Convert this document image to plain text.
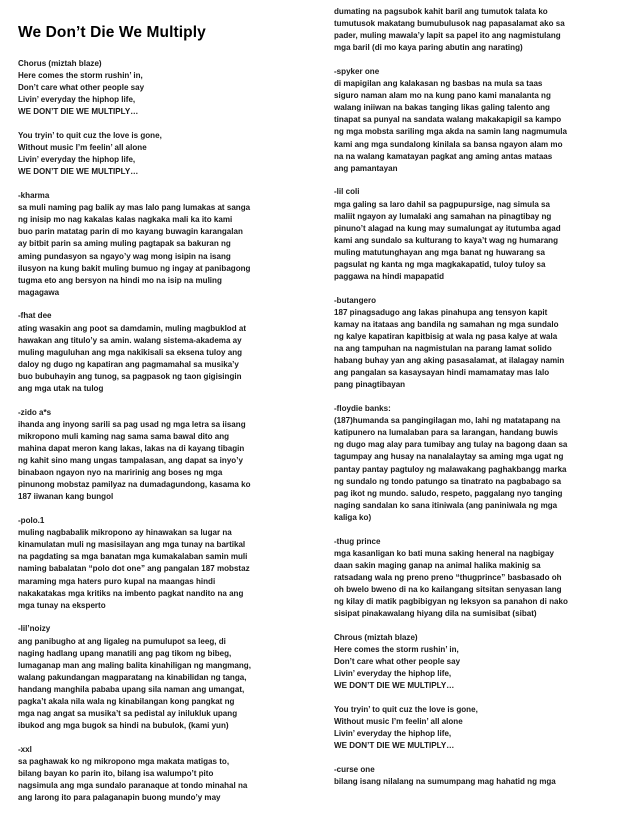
We Don’t Die We Multiply
Chorus (miztah blaze)
Here comes the storm rushin’ in,
Don’t care what other people say
Livin’ everyday the hiphop life,
WE DON’T DIE WE MULTIPLY…
You tryin’ to quit cuz the love is gone,
Without music I’m feelin’ all alone
Livin’ everyday the hiphop life,
WE DON’T DIE WE MULTIPLY…
-kharma
sa muli naming pag balik ay mas lalo pang lumakas at sanga
ng inisip mo nag kakalas kalas nagkaka mali ka ito kami
buo parin matatag parin di mo kayang buwagin karangalan
ay bitbit parin sa aming muling pagtapak sa bakuran ng
aming pundasyon sa ngayo’y wag mong isipin na isang
ilusyon na kung bakit muling bumuo ng ingay at panibagong
tugma eto ang bersyon na hindi mo na isip na muling
magagawa
-fhat dee
ating wasakin ang poot sa damdamin, muling magbuklod at
hawakan ang titulo’y sa amin. walang sistema-akadema ay
muling maguluhan ang mga nakikisali sa eksena tuloy ang
daloy ng dugo ng kapatiran ang pagmamahal sa musika’y
buo bubuhayin ang tunog, sa pagpasok ng taon gigisingin
ang mga utak na tulog
-zido a*s
ihanda ang inyong sarili sa pag usad ng mga letra sa iisang
mikropono muli kaming nag sama sama bawal dito ang
mahina dapat meron kang lakas, lakas na di kayang tibagin
ng kahit sino mang ungas tampalasan, ang dapat sa inyo’y
binabaon ngayon nyo na maririnig ang boses ng mga
pinunong mobstaz pamilyaz na dumadagundong, kasama ko
187 iiwanan kang bungol
-polo.1
muling nagbabalik mikropono ay hinawakan sa lugar na
kinamulatan muli ng masisilayan ang mga tunay na bartikal
na pagdating sa mga banatan mga kumakalaban samin muli
naming babalatan “polo dot one” ang pangalan 187 mobstaz
maraming mga haters puro kupal na maangas hindi
nakakatakas mga kritiks na imbento pagkat nandito na ang
mga tunay na eksperto
-lil’noizy
ang panibugho at ang ligaleg na pumulupot sa leeg, di
naging hadlang upang manatili ang pag tikom ng bibeg,
lumaganap man ang maling balita kinahiligan ng mangmang,
walang pakundangan magparatang na kinabilidan ng tanga,
handang manghila pababa upang sila naman ang umangat,
pagka’t akala nila wala ng kinabilangan kong pangkat ng
mga nag angat sa musika’t sa pedistal ay inilukluk upang
ibukod ang mga bugok sa hindi na bubulok, (kami yun)
-xxl
sa paghawak ko ng mikropono mga makata matigas to,
bilang bayan ko parin ito, bilang isa walumpo’t pito
nagsimula ang mga sundalo paranaque at tondo minahal na
ang larong ito para palaganapin buong mundo’y may
dumating na pagsubok kahit baril ang tumutok talata ko
tumutusok makatang bumubulusok nag papasalamat ako sa
pader, muling mawala’y lapit sa papel ito ang nagmistulang
mga baril (di mo kaya paring abutin ang narating)
-spyker one
di mapigilan ang kalakasan ng basbas na mula sa taas
siguro naman alam mo na kung pano kami manalanta ng
walang iniiwan na bakas tanging likas galing talento ang
tinapat sa punyal na sandata walang makakapigil sa kampo
ng mga mobsta sariling mga akda na samin lang nagmumula
kami ang mga sundalong kinilala sa bansa ngayon alam mo
na na walang kamatayan pagkat ang aming antas mataas
ang pamantayan
-lil coli
mga galing sa laro dahil sa pagpupursige, nag simula sa
maliit ngayon ay lumalaki ang samahan na pinagtibay ng
pinuno’t alagad na kung may sumalungat ay itutumba agad
kami ang sundalo sa kulturang to kaya’t wag ng humarang
muling matutunghayan ang mga banat ng huwarang sa
pagsulat ng kanta ng mga magkakapatid, tuloy tuloy sa
paggawa na hindi mapapatid
-butangero
187 pinagsadugo ang lakas pinahupa ang tensyon kapit
kamay na itataas ang bandila ng samahan ng mga sundalo
ng kalye kapatiran kapitbisig at wala ng pasa kalye at wala
na ang tampuhan na nagmistulan na parang lamat solido
habang buhay yan ang aking pasasalamat, at ilalagay namin
ang pangalan sa kasaysayan hindi mamamatay mas lalo
pang pinagtibayan
-floydie banks:
(187)humanda sa pangingilagan mo, lahi ng matatapang na
katipunero na lumalaban para sa larangan, handang buwis
ng dugo mag alay para tumibay ang tulay na bagong daan sa
tagumpay ang husay na nanalalaytay sa aming mga ugat ng
pantay pantay pagtuloy ng malawakang paghakbangg marka
ng sundalo ng tondo patungo sa tinatrato na pagbabago sa
pag ikot ng mundo. saludo, respeto, paggalang nyo tanging
naging sandalan ko sana itiniwala (ang paniniwala ng mga
kaliga ko)
-thug prince
mga kasanligan ko bati muna saking heneral na nagbigay
daan sakin maging ganap na animal halika makinig sa
ratsadang wala ng preno preno “thugprince” basbasado oh
oh bwelo bweno di na ko kailangang sitsitan senyasan lang
ng kilay di matik pagbibigyan ng leksyon sa panahon di nako
sisipat pinakawalang hiyang dila na sumisibat (sibat)
Chrous (miztah blaze)
Here comes the storm rushin’ in,
Don’t care what other people say
Livin’ everyday the hiphop life,
WE DON’T DIE WE MULTIPLY…
You tryin’ to quit cuz the love is gone,
Without music I’m feelin’ all alone
Livin’ everyday the hiphop life,
WE DON’T DIE WE MULTIPLY…
-curse one
bilang isang nilalang na sumumpang mag hahatid ng mga
